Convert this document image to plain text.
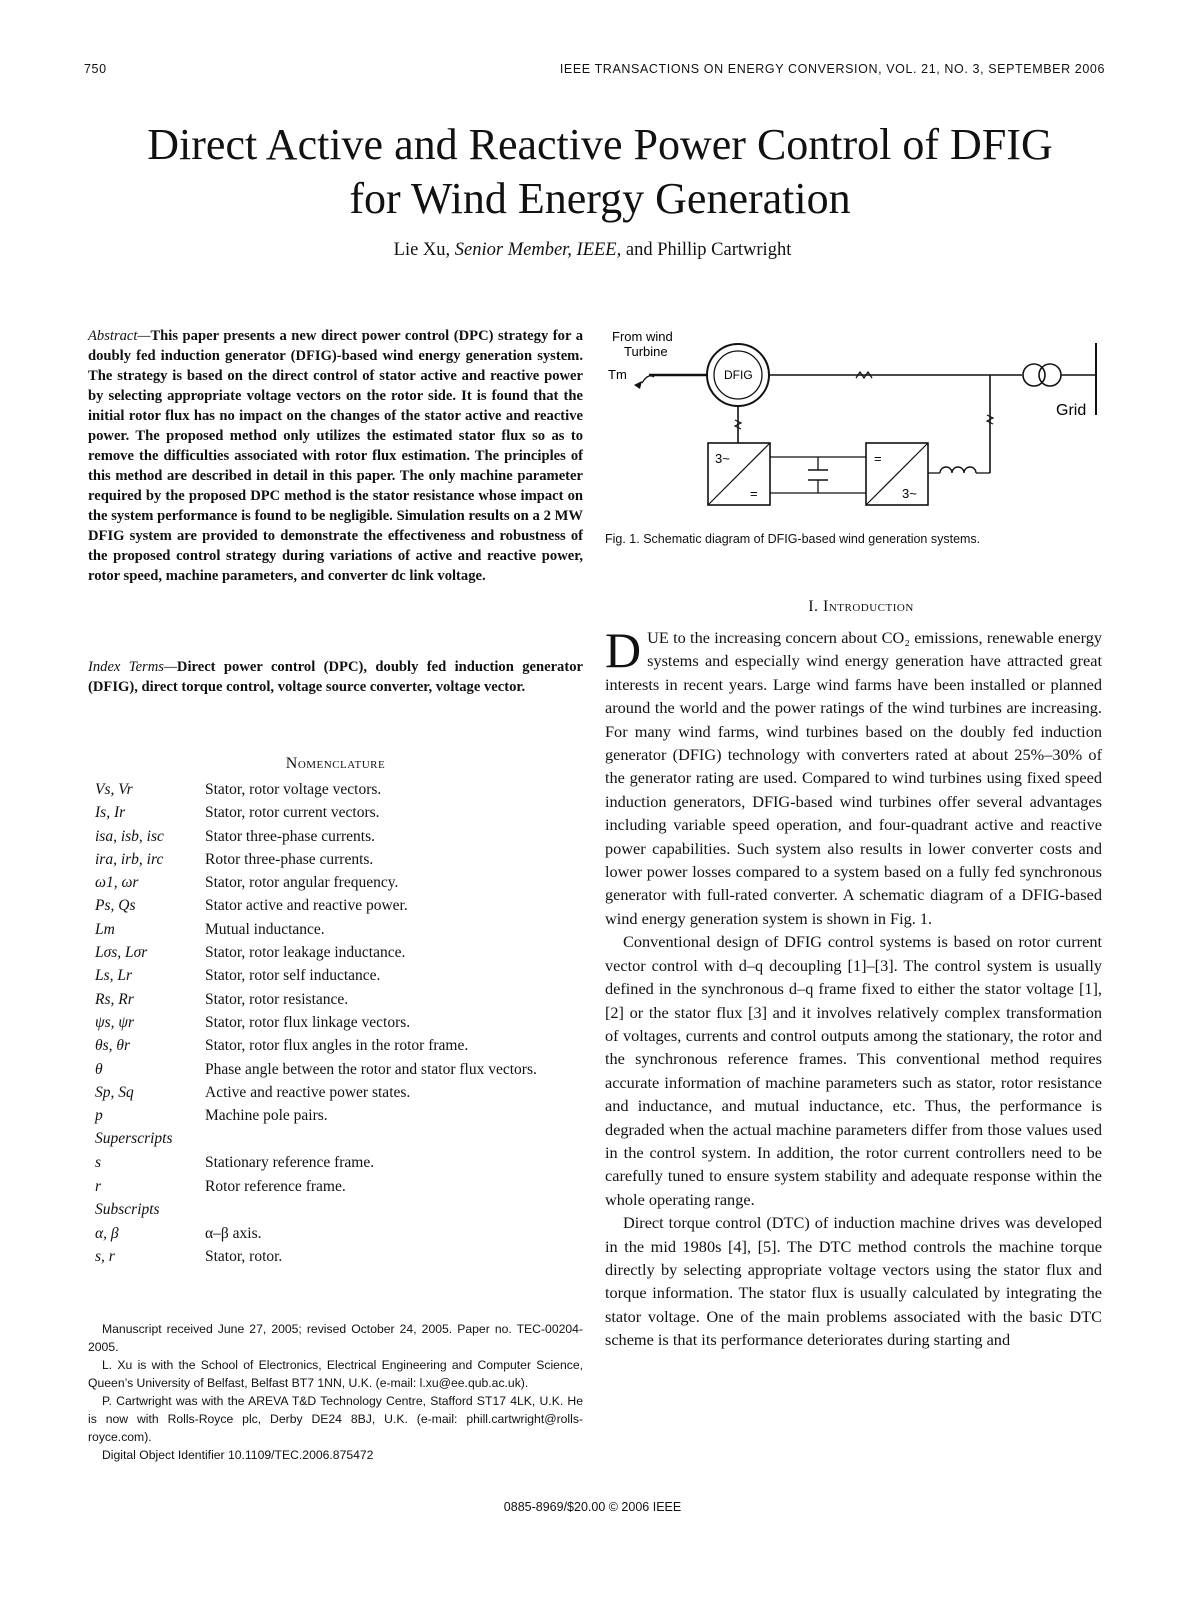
750	IEEE TRANSACTIONS ON ENERGY CONVERSION, VOL. 21, NO. 3, SEPTEMBER 2006
Direct Active and Reactive Power Control of DFIG
for Wind Energy Generation
Lie Xu, Senior Member, IEEE, and Phillip Cartwright

Abstract—This paper presents a new direct power control (DPC) strategy for a doubly fed induction generator (DFIG)-based wind energy generation system. The strategy is based on the direct control of stator active and reactive power by selecting appropriate voltage vectors on the rotor side. It is found that the initial rotor flux has no impact on the changes of the stator active and reactive power. The proposed method only utilizes the estimated stator flux so as to remove the difficulties associated with rotor flux estimation. The principles of this method are described in detail in this paper. The only machine parameter required by the proposed DPC method is the stator resistance whose impact on the system performance is found to be negligible. Simulation results on a 2 MW DFIG system are provided to demonstrate the effectiveness and robustness of the proposed control strategy during variations of active and reactive power, rotor speed, machine parameters, and converter dc link voltage.

Index Terms—Direct power control (DPC), doubly fed induction generator (DFIG), direct torque control, voltage source converter, voltage vector.

Nomenclature
Vs, Vr	Stator, rotor voltage vectors.
Is, Ir	Stator, rotor current vectors.
isa, isb, isc	Stator three-phase currents.
ira, irb, irc	Rotor three-phase currents.
ω1, ωr	Stator, rotor angular frequency.
Ps, Qs	Stator active and reactive power.
Lm	Mutual inductance.
Lσs, Lσr	Stator, rotor leakage inductance.
Ls, Lr	Stator, rotor self inductance.
Rs, Rr	Stator, rotor resistance.
ψs, ψr	Stator, rotor flux linkage vectors.
θs, θr	Stator, rotor flux angles in the rotor frame.
θ	Phase angle between the rotor and stator flux vectors.
Sp, Sq	Active and reactive power states.
p	Machine pole pairs.
Superscripts
s	Stationary reference frame.
r	Rotor reference frame.
Subscripts
α, β	α–β axis.
s, r	Stator, rotor.

Manuscript received June 27, 2005; revised October 24, 2005. Paper no. TEC-00204-2005.

L. Xu is with the School of Electronics, Electrical Engineering and Computer Science, Queen’s University of Belfast, Belfast BT7 1NN, U.K. (e-mail: l.xu@ee.qub.ac.uk).

P. Cartwright was with the AREVA T&D Technology Centre, Stafford ST17 4LK, U.K. He is now with Rolls-Royce plc, Derby DE24 8BJ, U.K. (e-mail: phill.cartwright@rolls-royce.com).

Digital Object Identifier 10.1109/TEC.2006.875472

From wind
Turbine
Tm	DFIG
Grid
3~
=
=
3~
Fig. 1. Schematic diagram of DFIG-based wind generation systems.
I. Introduction

DUE to the increasing concern about CO₂ emissions, renewable energy systems and especially wind energy generation have attracted great interests in recent years. Large wind farms have been installed or planned around the world and the power ratings of the wind turbines are increasing. For many wind farms, wind turbines based on the doubly fed induction generator (DFIG) technology with converters rated at about 25%–30% of the generator rating are used. Compared to wind turbines using fixed speed induction generators, DFIG-based wind turbines offer several advantages including variable speed operation, and four-quadrant active and reactive power capabilities. Such system also results in lower converter costs and lower power losses compared to a system based on a fully fed synchronous generator with full-rated converter. A schematic diagram of a DFIG-based wind energy generation system is shown in Fig. 1.

Conventional design of DFIG control systems is based on rotor current vector control with d–q decoupling [1]–[3]. The control system is usually defined in the synchronous d–q frame fixed to either the stator voltage [1], [2] or the stator flux [3] and it involves relatively complex transformation of voltages, currents and control outputs among the stationary, the rotor and the synchronous reference frames. This conventional method requires accurate information of machine parameters such as stator, rotor resistance and inductance, and mutual inductance, etc. Thus, the performance is degraded when the actual machine parameters differ from those values used in the control system. In addition, the rotor current controllers need to be carefully tuned to ensure system stability and adequate response within the whole operating range.

Direct torque control (DTC) of induction machine drives was developed in the mid 1980s [4], [5]. The DTC method controls the machine torque directly by selecting appropriate voltage vectors using the stator flux and torque information. The stator flux is usually calculated by integrating the stator voltage. One of the main problems associated with the basic DTC scheme is that its performance deteriorates during starting and

0885-8969/$20.00 © 2006 IEEE
